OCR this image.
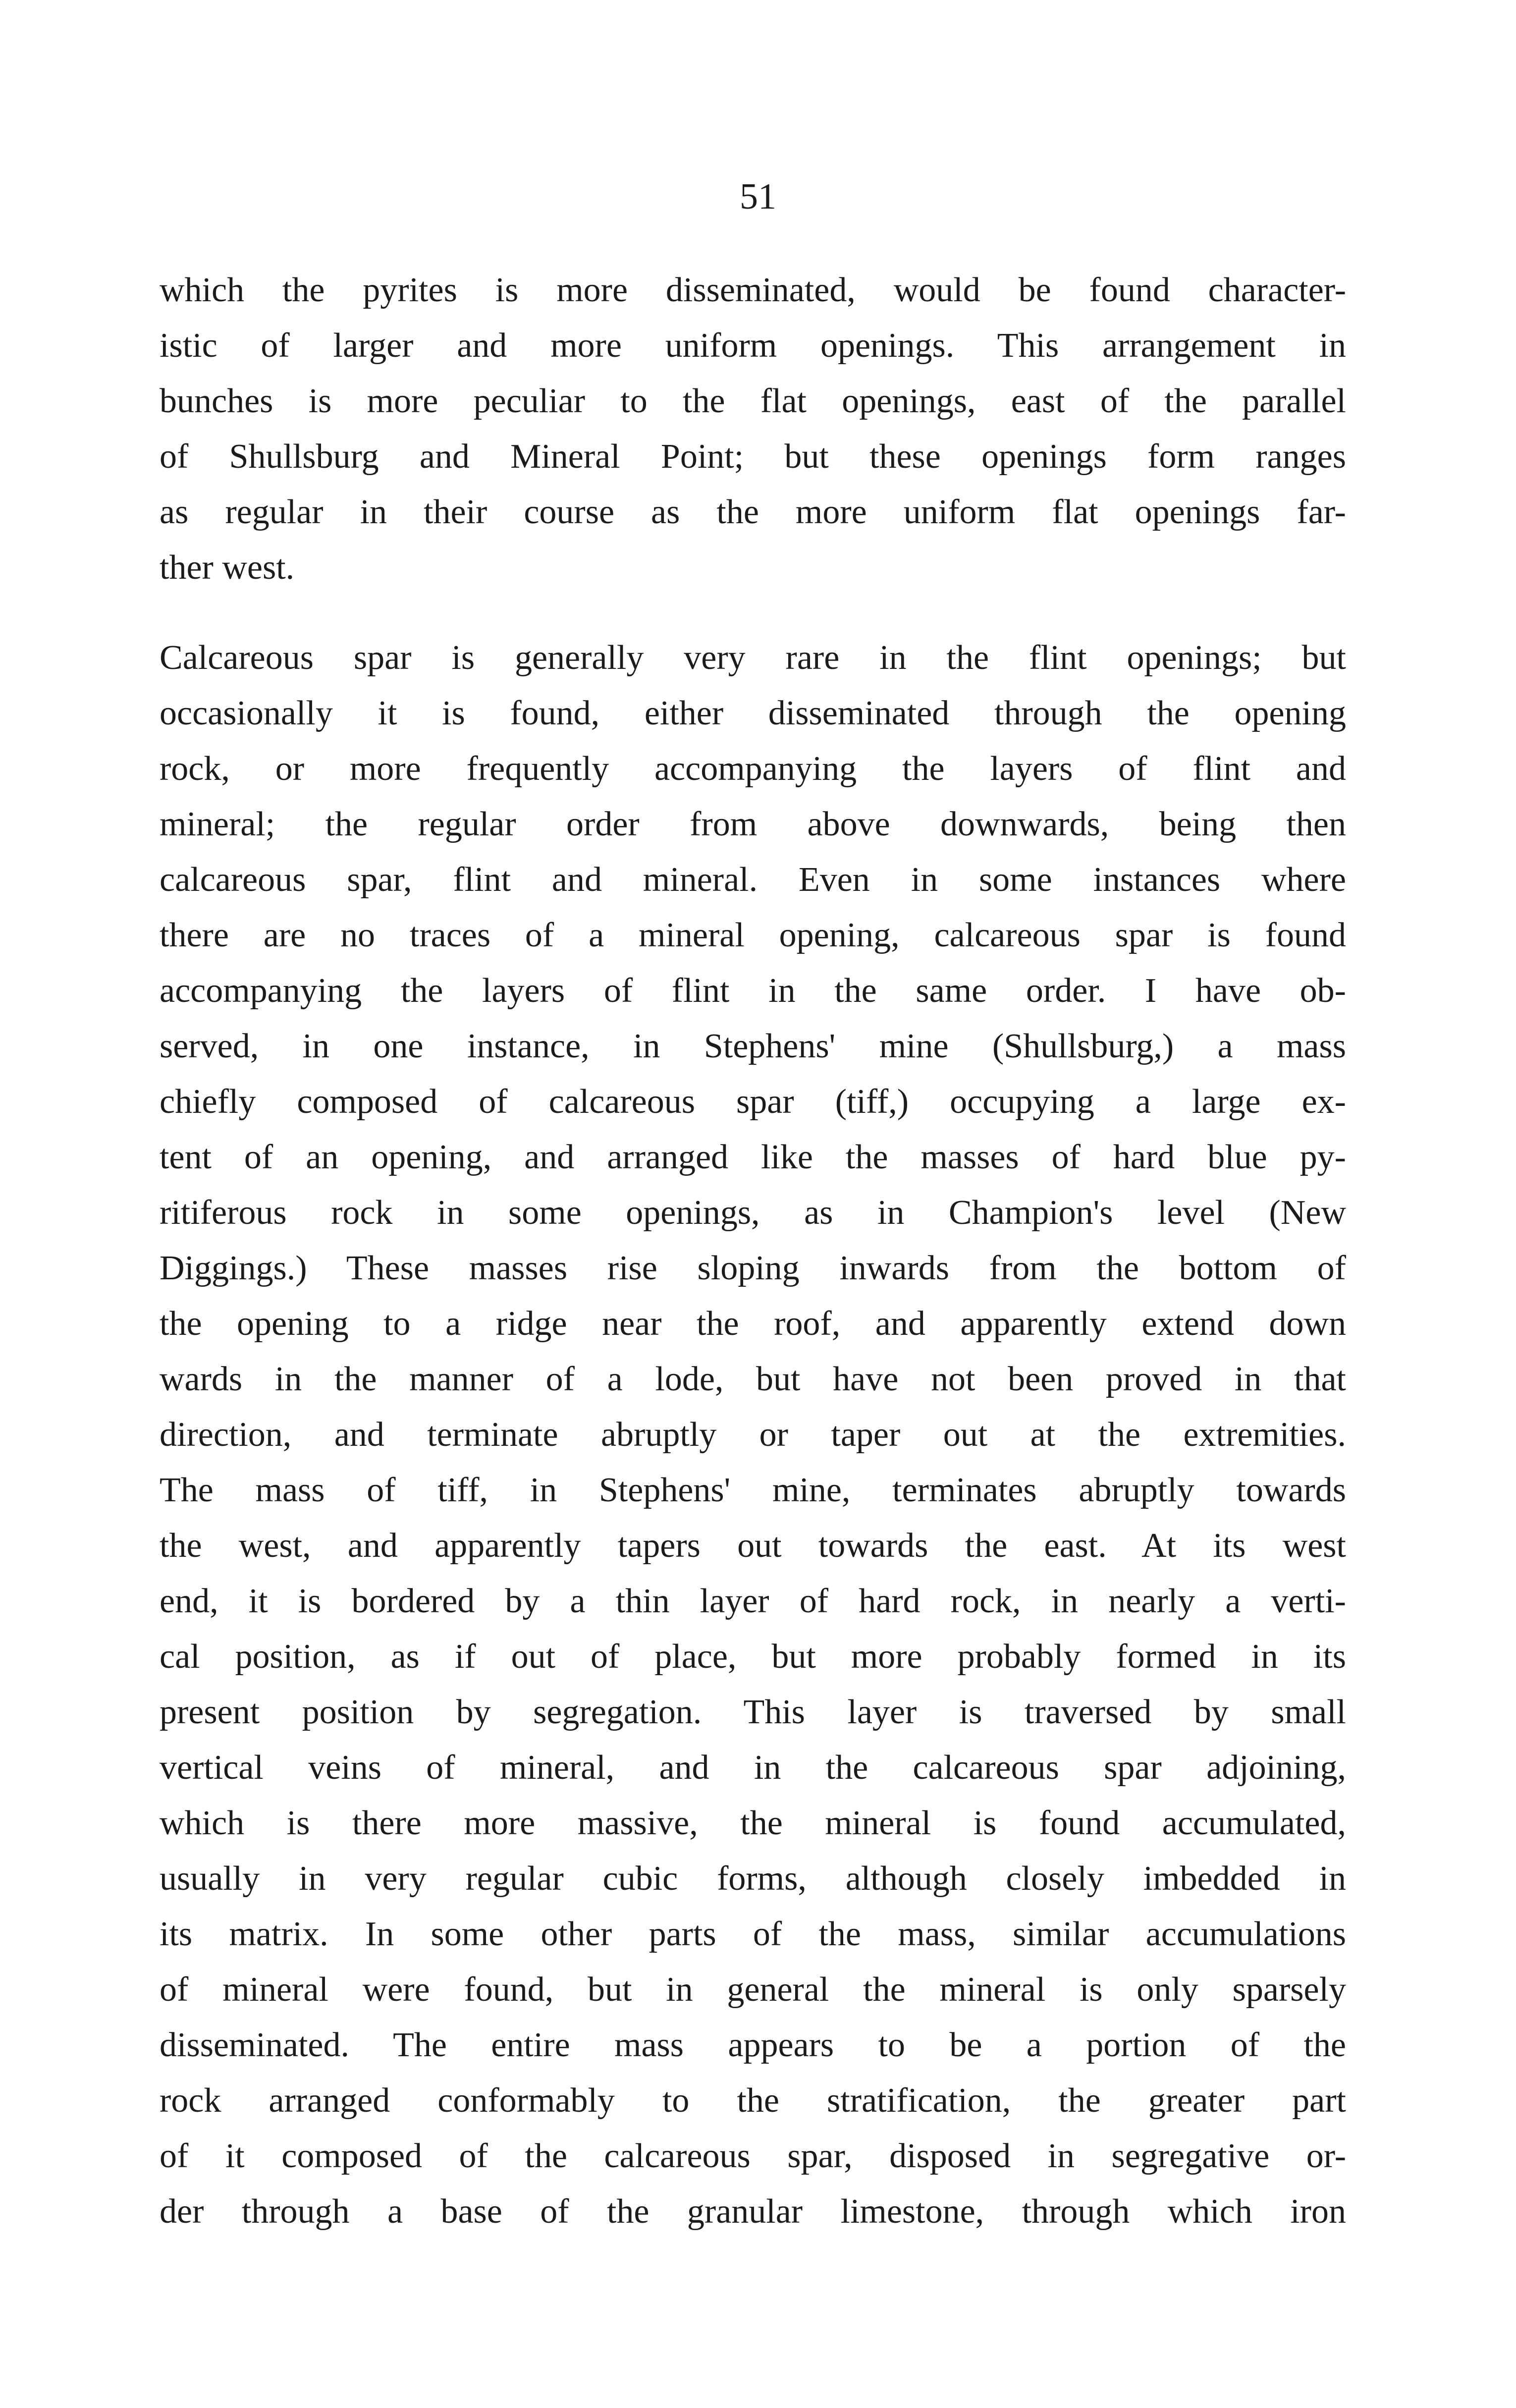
51
which the pyrites is more disseminated, would be found character-
istic of larger and more uniform openings. This arrangement in
bunches is more peculiar to the flat openings, east of the parallel
of Shullsburg and Mineral Point; but these openings form ranges
as regular in their course as the more uniform flat openings far-
ther west.
Calcareous spar is generally very rare in the flint openings; but
occasionally it is found, either disseminated through the opening
rock, or more frequently accompanying the layers of flint and
mineral; the regular order from above downwards, being then
calcareous spar, flint and mineral. Even in some instances where
there are no traces of a mineral opening, calcareous spar is found
accompanying the layers of flint in the same order. I have ob-
served, in one instance, in Stephens' mine (Shullsburg,) a mass
chiefly composed of calcareous spar (tiff,) occupying a large ex-
tent of an opening, and arranged like the masses of hard blue py-
ritiferous rock in some openings, as in Champion's level (New
Diggings.) These masses rise sloping inwards from the bottom of
the opening to a ridge near the roof, and apparently extend down
wards in the manner of a lode, but have not been proved in that
direction, and terminate abruptly or taper out at the extremities.
The mass of tiff, in Stephens' mine, terminates abruptly towards
the west, and apparently tapers out towards the east. At its west
end, it is bordered by a thin layer of hard rock, in nearly a verti-
cal position, as if out of place, but more probably formed in its
present position by segregation. This layer is traversed by small
vertical veins of mineral, and in the calcareous spar adjoining,
which is there more massive, the mineral is found accumulated,
usually in very regular cubic forms, although closely imbedded in
its matrix. In some other parts of the mass, similar accumulations
of mineral were found, but in general the mineral is only sparsely
disseminated. The entire mass appears to be a portion of the
rock arranged conformably to the stratification, the greater part
of it composed of the calcareous spar, disposed in segregative or-
der through a base of the granular limestone, through which iron
